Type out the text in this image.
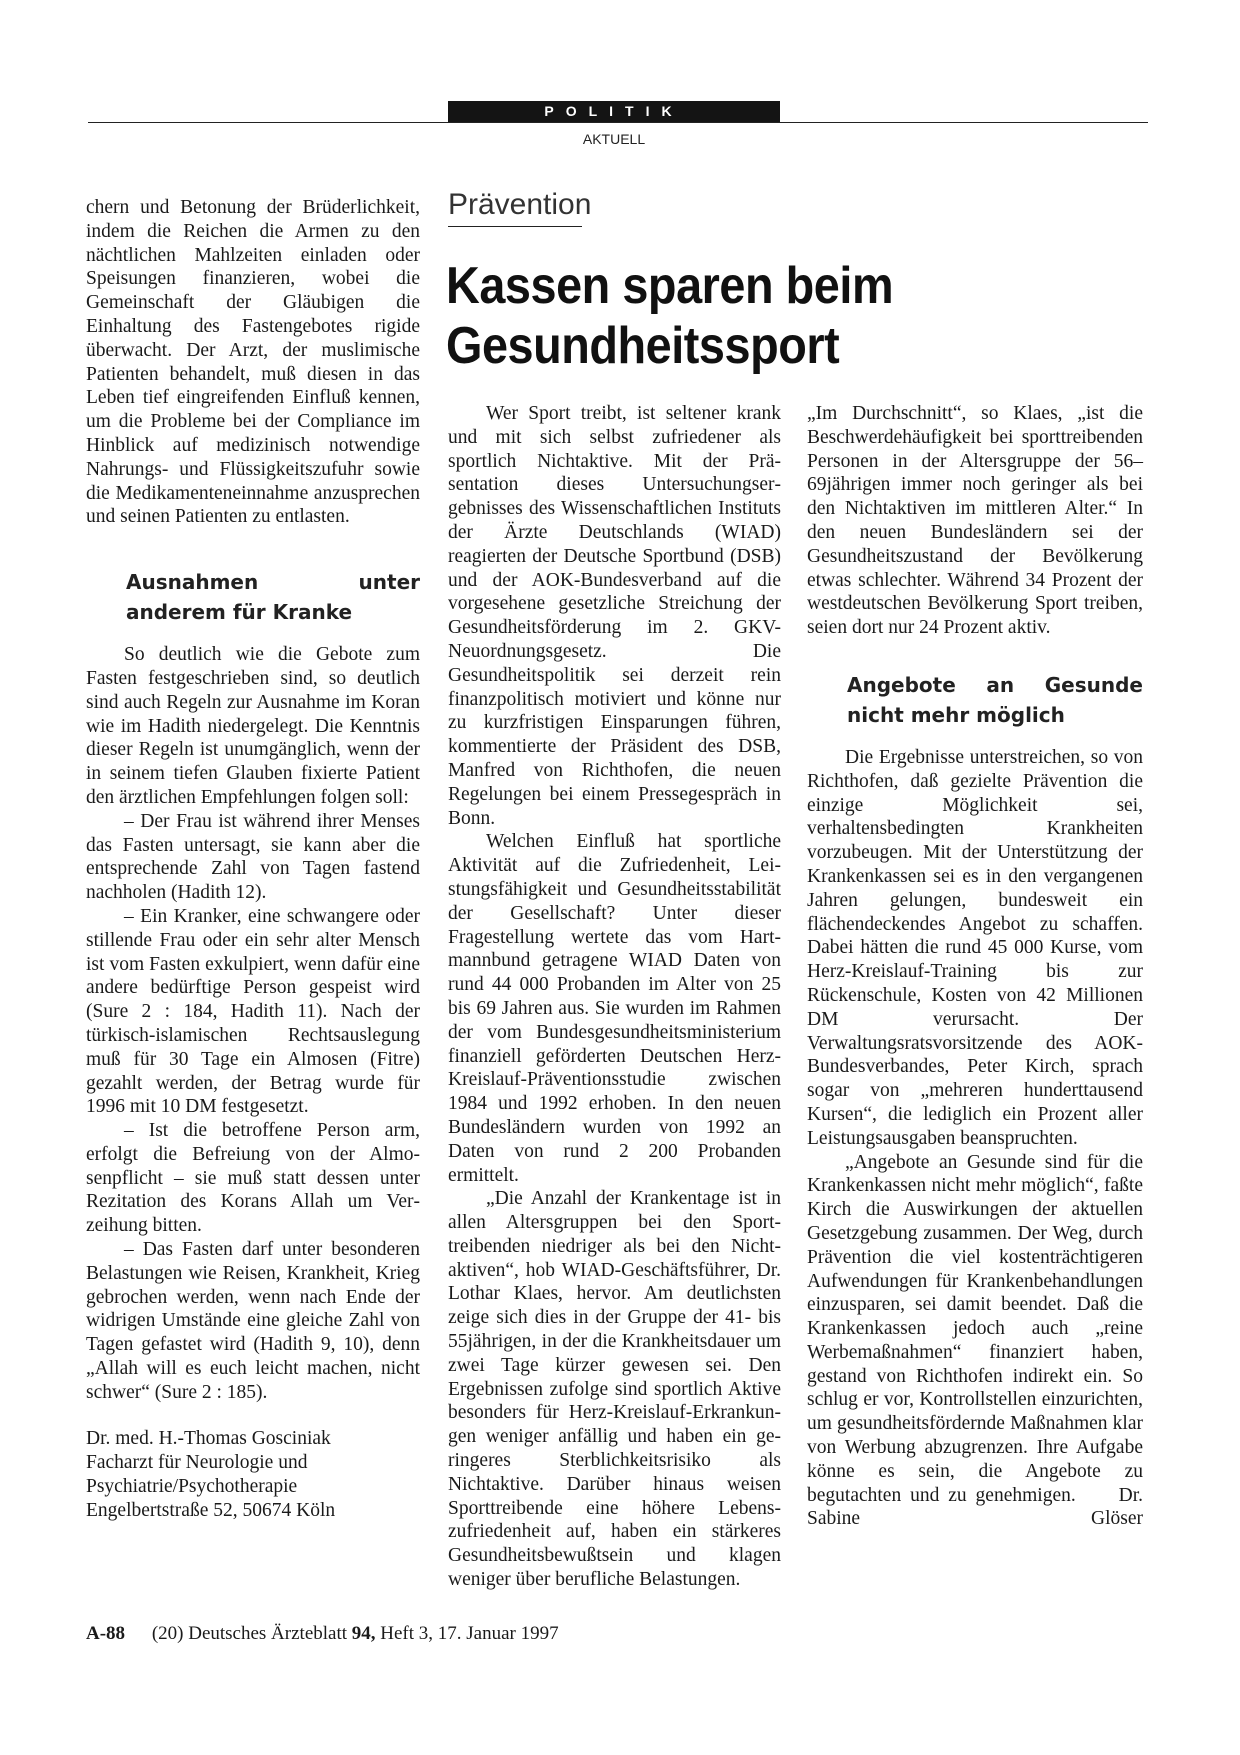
POLITIK
AKTUELL

chern und Betonung der Brüderlichkeit, indem die Reichen die Armen zu den nächtlichen Mahlzeiten einladen oder Speisungen finanzieren, wobei die Gemeinschaft der Gläubigen die Einhaltung des Fastengebotes rigide überwacht. Der Arzt, der muslimische Patienten behandelt, muß diesen in das Leben tief eingreifenden Einfluß kennen, um die Probleme bei der Compliance im Hinblick auf medizinisch notwendige Nahrungs- und Flüssigkeitszufuhr sowie die Medikamenteneinnahme anzusprechen und seinen Patienten zu entlasten.

Ausnahmen unter anderem für Kranke

So deutlich wie die Gebote zum Fasten festgeschrieben sind, so deutlich sind auch Regeln zur Ausnahme im Koran wie im Hadith niedergelegt. Die Kenntnis dieser Regeln ist unumgänglich, wenn der in seinem tiefen Glauben fixierte Patient den ärztlichen Empfehlungen folgen soll:

– Der Frau ist während ihrer Menses das Fasten untersagt, sie kann aber die entsprechende Zahl von Tagen fastend nachholen (Hadith 12).

– Ein Kranker, eine schwangere oder stillende Frau oder ein sehr alter Mensch ist vom Fasten exkulpiert, wenn dafür eine andere bedürftige Person gespeist wird (Sure 2 : 184, Hadith 11). Nach der türkisch-islamischen Rechtsauslegung muß für 30 Tage ein Almosen (Fitre) gezahlt werden, der Betrag wurde für 1996 mit 10 DM festgesetzt.

– Ist die betroffene Person arm, erfolgt die Befreiung von der Almosenpflicht – sie muß statt dessen unter Rezitation des Korans Allah um Verzeihung bitten.

– Das Fasten darf unter besonderen Belastungen wie Reisen, Krankheit, Krieg gebrochen werden, wenn nach Ende der widrigen Umstände eine gleiche Zahl von Tagen gefastet wird (Hadith 9, 10), denn „Allah will es euch leicht machen, nicht schwer“ (Sure 2 : 185).

Dr. med. H.-Thomas Gosciniak
Facharzt für Neurologie und
Psychiatrie/Psychotherapie
Engelbertstraße 52, 50674 Köln
Prävention
Kassen sparen beim
Gesundheitssport

Wer Sport treibt, ist seltener krank und mit sich selbst zufriedener als sportlich Nichtaktive. Mit der Präsentation dieses Untersuchungsergebnisses des Wissenschaftlichen Instituts der Ärzte Deutschlands (WIAD) reagierten der Deutsche Sportbund (DSB) und der AOK-Bundesverband auf die vorgesehene gesetzliche Streichung der Gesundheitsförderung im 2. GKV-Neuordnungsgesetz. Die Gesundheitspolitik sei derzeit rein finanzpolitisch motiviert und könne nur zu kurzfristigen Einsparungen führen, kommentierte der Präsident des DSB, Manfred von Richthofen, die neuen Regelungen bei einem Pressegespräch in Bonn.

Welchen Einfluß hat sportliche Aktivität auf die Zufriedenheit, Leistungsfähigkeit und Gesundheitsstabilität der Gesellschaft? Unter dieser Fragestellung wertete das vom Hartmannbund getragene WIAD Daten von rund 44 000 Probanden im Alter von 25 bis 69 Jahren aus. Sie wurden im Rahmen der vom Bundesgesundheitsministerium finanziell geförderten Deutschen Herz-Kreislauf-Präventionsstudie zwischen 1984 und 1992 erhoben. In den neuen Bundesländern wurden von 1992 an Daten von rund 2 200 Probanden ermittelt.

„Die Anzahl der Krankentage ist in allen Altersgruppen bei den Sporttreibenden niedriger als bei den Nichtaktiven“, hob WIAD-Geschäftsführer, Dr. Lothar Klaes, hervor. Am deutlichsten zeige sich dies in der Gruppe der 41- bis 55jährigen, in der die Krankheitsdauer um zwei Tage kürzer gewesen sei. Den Ergebnissen zufolge sind sportlich Aktive besonders für Herz-Kreislauf-Erkrankungen weniger anfällig und haben ein geringeres Sterblichkeitsrisiko als Nichtaktive. Darüber hinaus weisen Sporttreibende eine höhere Lebenszufriedenheit auf, haben ein stärkeres Gesundheitsbewußtsein und klagen weniger über berufliche Belastungen.

„Im Durchschnitt“, so Klaes, „ist die Beschwerdehäufigkeit bei sporttreibenden Personen in der Altersgruppe der 56–69jährigen immer noch geringer als bei den Nichtaktiven im mittleren Alter.“ In den neuen Bundesländern sei der Gesundheitszustand der Bevölkerung etwas schlechter. Während 34 Prozent der westdeutschen Bevölkerung Sport treiben, seien dort nur 24 Prozent aktiv.

Angebote an Gesunde nicht mehr möglich

Die Ergebnisse unterstreichen, so von Richthofen, daß gezielte Prävention die einzige Möglichkeit sei, verhaltensbedingten Krankheiten vorzubeugen. Mit der Unterstützung der Krankenkassen sei es in den vergangenen Jahren gelungen, bundesweit ein flächendeckendes Angebot zu schaffen. Dabei hätten die rund 45 000 Kurse, vom Herz-Kreislauf-Training bis zur Rückenschule, Kosten von 42 Millionen DM verursacht. Der Verwaltungsratsvorsitzende des AOK-Bundesverbandes, Peter Kirch, sprach sogar von „mehreren hunderttausend Kursen“, die lediglich ein Prozent aller Leistungsausgaben beanspruchten.

„Angebote an Gesunde sind für die Krankenkassen nicht mehr möglich“, faßte Kirch die Auswirkungen der aktuellen Gesetzgebung zusammen. Der Weg, durch Prävention die viel kostenträchtigeren Aufwendungen für Krankenbehandlungen einzusparen, sei damit beendet. Daß die Krankenkassen jedoch auch „reine Werbemaßnahmen“ finanziert haben, gestand von Richthofen indirekt ein. So schlug er vor, Kontrollstellen einzurichten, um gesundheitsfördernde Maßnahmen klar von Werbung abzugrenzen. Ihre Aufgabe könne es sein, die Angebote zu begutachten und zu genehmigen. Dr. Sabine Glöser

A-88 (20) Deutsches Ärzteblatt 94, Heft 3, 17. Januar 1997
